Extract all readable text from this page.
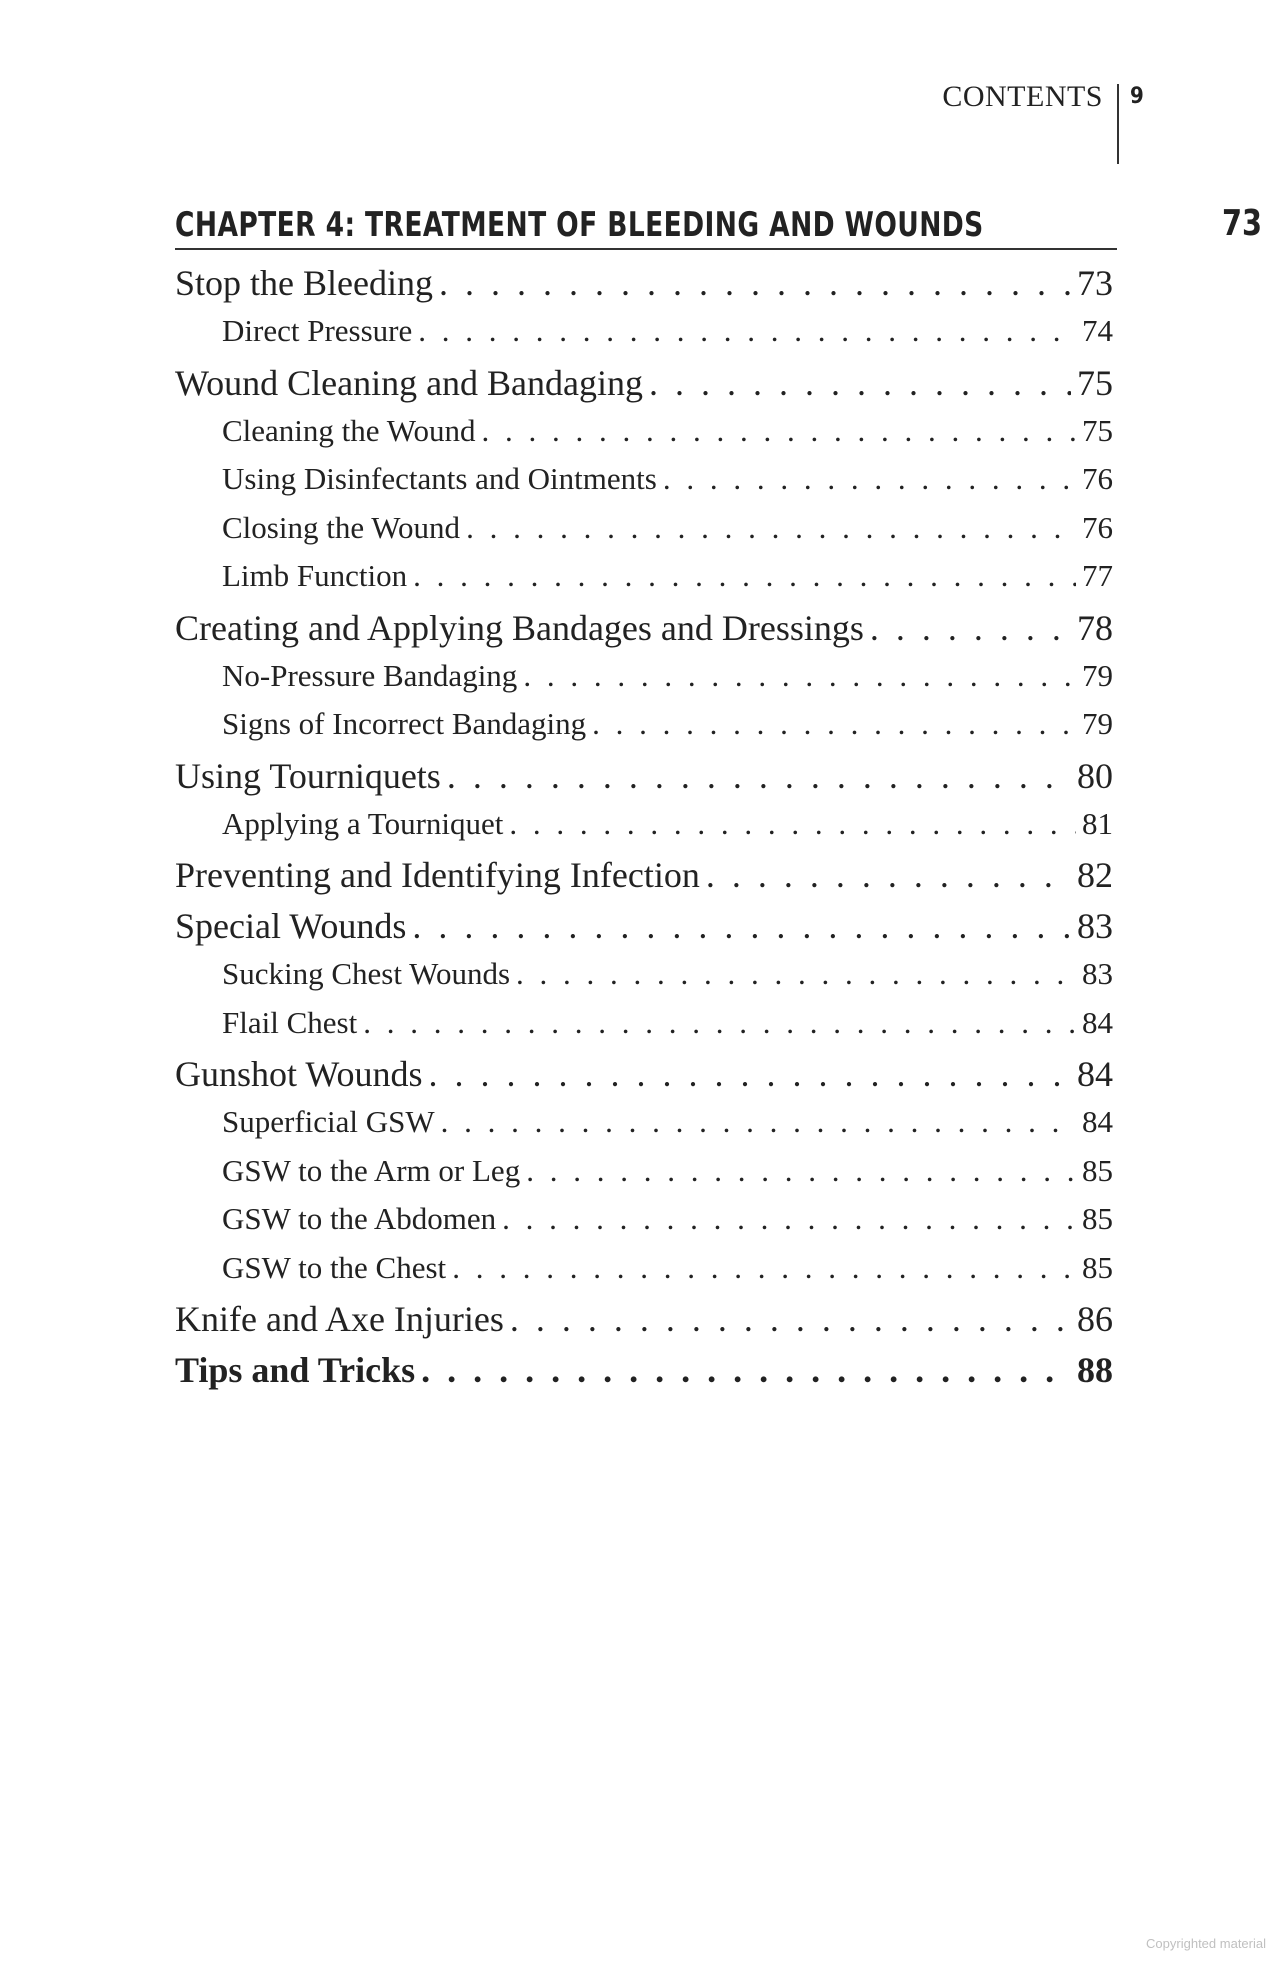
CONTENTS 9
CHAPTER 4: TREATMENT OF BLEEDING AND WOUNDS	73
Stop the Bleeding . . .	73
Direct Pressure . . .	74
Wound Cleaning and Bandaging . . .	75
Cleaning the Wound . . .	75
Using Disinfectants and Ointments . . .	76
Closing the Wound . . .	76
Limb Function . . .	77
Creating and Applying Bandages and Dressings . . .	78
No-Pressure Bandaging . . .	79
Signs of Incorrect Bandaging . . .	79
Using Tourniquets . . .	80
Applying a Tourniquet . . .	81
Preventing and Identifying Infection . . .	82
Special Wounds . . .	83
Sucking Chest Wounds . . .	83
Flail Chest . . .	84
Gunshot Wounds . . .	84
Superficial GSW . . .	84
GSW to the Arm or Leg . . .	85
GSW to the Abdomen . . .	85
GSW to the Chest . . .	85
Knife and Axe Injuries . . .	86
Tips and Tricks . . .	88
Copyrighted material
